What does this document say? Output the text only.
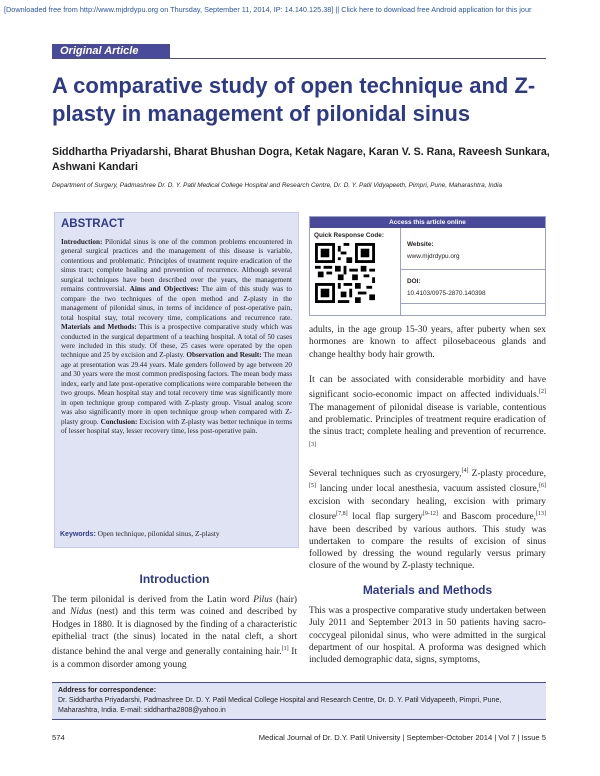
[Downloaded free from http://www.mjdrdypu.org on Thursday, September 11, 2014, IP: 14.140.125.38] || Click here to download free Android application for this jour
Original Article
A comparative study of open technique and Z-plasty in management of pilonidal sinus
Siddhartha Priyadarshi, Bharat Bhushan Dogra, Ketak Nagare, Karan V. S. Rana, Raveesh Sunkara, Ashwani Kandari
Department of Surgery, Padmashree Dr. D. Y. Patil Medical College Hospital and Research Centre, Dr. D. Y. Patil Vidyapeeth, Pimpri, Pune, Maharashtra, India
ABSTRACT
Introduction: Pilonidal sinus is one of the common problems encountered in general surgical practices and the management of this disease is variable, contentious and problematic. Principles of treatment require eradication of the sinus tract; complete healing and prevention of recurrence. Although several surgical techniques have been described over the years, the management remains controversial. Aims and Objectives: The aim of this study was to compare the two techniques of the open method and Z-plasty in the management of pilonidal sinus, in terms of incidence of post-operative pain, total hospital stay, total recovery time, complications and recurrence rate. Materials and Methods: This is a prospective comparative study which was conducted in the surgical department of a teaching hospital. A total of 50 cases were included in this study. Of these, 25 cases were operated by the open technique and 25 by excision and Z-plasty. Observation and Result: The mean age at presentation was 29.44 years. Male genders followed by age between 20 and 30 years were the most common predisposing factors. The mean body mass index, early and late post-operative complications were comparable between the two groups. Mean hospital stay and total recovery time was significantly more in open technique group compared with Z-plasty group. Visual analog score was also significantly more in open technique group when compared with Z-plasty group. Conclusion: Excision with Z-plasty was better technique in terms of lesser hospital stay, lesser recovery time, less post-operative pain.
Keywords: Open technique, pilonidal sinus, Z-plasty
Access this article online
Quick Response Code:
Website:
www.mjdrdypu.org
DOI:
10.4103/0975-2870.140398
Introduction
The term pilonidal is derived from the Latin word Pilus (hair) and Nidus (nest) and this term was coined and described by Hodges in 1880. It is diagnosed by the finding of a characteristic epithelial tract (the sinus) located in the natal cleft, a short distance behind the anal verge and generally containing hair.[1] It is a common disorder among young
adults, in the age group 15-30 years, after puberty when sex hormones are known to affect pilosebaceous glands and change healthy body hair growth.
It can be associated with considerable morbidity and have significant socio-economic impact on affected individuals.[2] The management of pilonidal disease is variable, contentious and problematic. Principles of treatment require eradication of the sinus tract; complete healing and prevention of recurrence.[3]
Several techniques such as cryosurgery,[4] Z-plasty procedure,[5] lancing under local anesthesia, vacuum assisted closure,[6] excision with secondary healing, excision with primary closure[7,8] local flap surgery[9-12] and Bascom procedure,[13] have been described by various authors. This study was undertaken to compare the results of excision of sinus followed by dressing the wound regularly versus primary closure of the wound by Z-plasty technique.
Materials and Methods
This was a prospective comparative study undertaken between July 2011 and September 2013 in 50 patients having sacro-coccygeal pilonidal sinus, who were admitted in the surgical department of our hospital. A proforma was designed which included demographic data, signs, symptoms,
Address for correspondence:
Dr. Siddhartha Priyadarshi, Padmashree Dr. D. Y. Patil Medical College Hospital and Research Centre, Dr. D. Y. Patil Vidyapeeth, Pimpri, Pune, Maharashtra, India. E-mail: siddhartha2808@yahoo.in
574	Medical Journal of Dr. D.Y. Patil University | September-October 2014 | Vol 7 | Issue 5
